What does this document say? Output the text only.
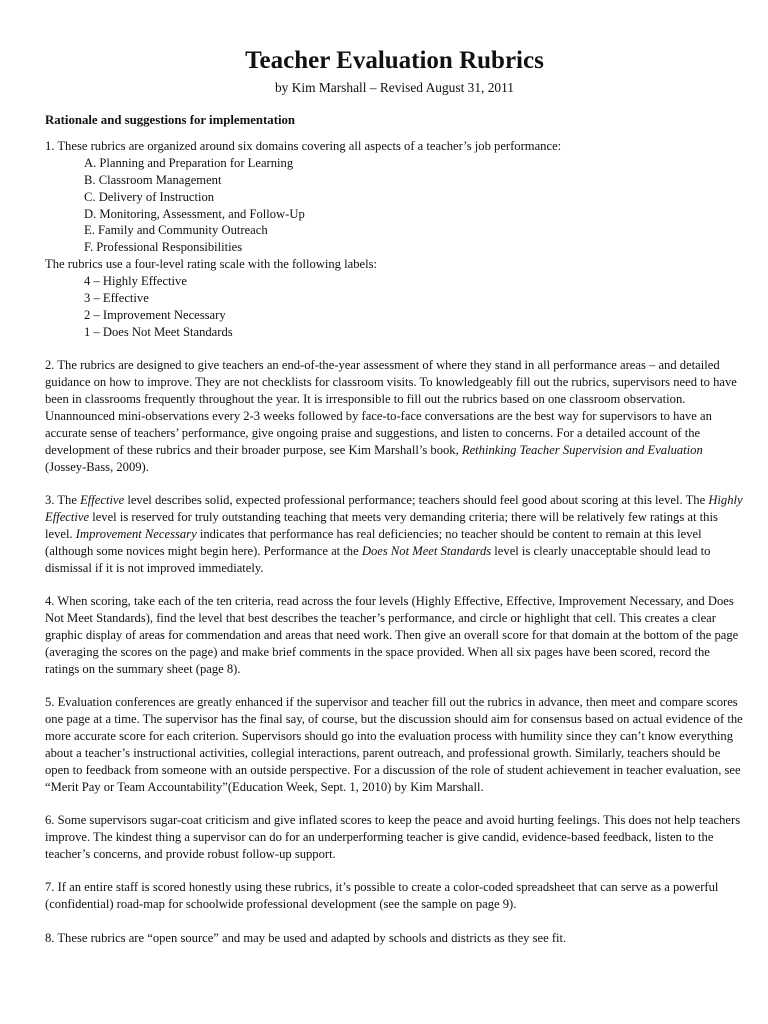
Teacher Evaluation Rubrics
by Kim Marshall – Revised August 31, 2011
Rationale and suggestions for implementation
1. These rubrics are organized around six domains covering all aspects of a teacher’s job performance:
A. Planning and Preparation for Learning
B. Classroom Management
C. Delivery of Instruction
D. Monitoring, Assessment, and Follow-Up
E. Family and Community Outreach
F. Professional Responsibilities
The rubrics use a four-level rating scale with the following labels:
4 – Highly Effective
3 – Effective
2 – Improvement Necessary
1 – Does Not Meet Standards

2. The rubrics are designed to give teachers an end-of-the-year assessment of where they stand in all performance areas – and detailed guidance on how to improve. They are not checklists for classroom visits. To knowledgeably fill out the rubrics, supervisors need to have been in classrooms frequently throughout the year. It is irresponsible to fill out the rubrics based on one classroom observation. Unannounced mini-observations every 2-3 weeks followed by face-to-face conversations are the best way for supervisors to have an accurate sense of teachers’ performance, give ongoing praise and suggestions, and listen to concerns. For a detailed account of the development of these rubrics and their broader purpose, see Kim Marshall’s book, Rethinking Teacher Supervision and Evaluation (Jossey-Bass, 2009).

3. The Effective level describes solid, expected professional performance; teachers should feel good about scoring at this level. The Highly Effective level is reserved for truly outstanding teaching that meets very demanding criteria; there will be relatively few ratings at this level. Improvement Necessary indicates that performance has real deficiencies; no teacher should be content to remain at this level (although some novices might begin here). Performance at the Does Not Meet Standards level is clearly unacceptable should lead to dismissal if it is not improved immediately.

4. When scoring, take each of the ten criteria, read across the four levels (Highly Effective, Effective, Improvement Necessary, and Does Not Meet Standards), find the level that best describes the teacher’s performance, and circle or highlight that cell. This creates a clear graphic display of areas for commendation and areas that need work. Then give an overall score for that domain at the bottom of the page (averaging the scores on the page) and make brief comments in the space provided. When all six pages have been scored, record the ratings on the summary sheet (page 8).

5. Evaluation conferences are greatly enhanced if the supervisor and teacher fill out the rubrics in advance, then meet and compare scores one page at a time. The supervisor has the final say, of course, but the discussion should aim for consensus based on actual evidence of the more accurate score for each criterion. Supervisors should go into the evaluation process with humility since they can’t know everything about a teacher’s instructional activities, collegial interactions, parent outreach, and professional growth. Similarly, teachers should be open to feedback from someone with an outside perspective. For a discussion of the role of student achievement in teacher evaluation, see “Merit Pay or Team Accountability”(Education Week, Sept. 1, 2010) by Kim Marshall.

6. Some supervisors sugar-coat criticism and give inflated scores to keep the peace and avoid hurting feelings. This does not help teachers improve. The kindest thing a supervisor can do for an underperforming teacher is give candid, evidence-based feedback, listen to the teacher’s concerns, and provide robust follow-up support.

7. If an entire staff is scored honestly using these rubrics, it’s possible to create a color-coded spreadsheet that can serve as a powerful (confidential) road-map for schoolwide professional development (see the sample on page 9).

8. These rubrics are “open source” and may be used and adapted by schools and districts as they see fit.
